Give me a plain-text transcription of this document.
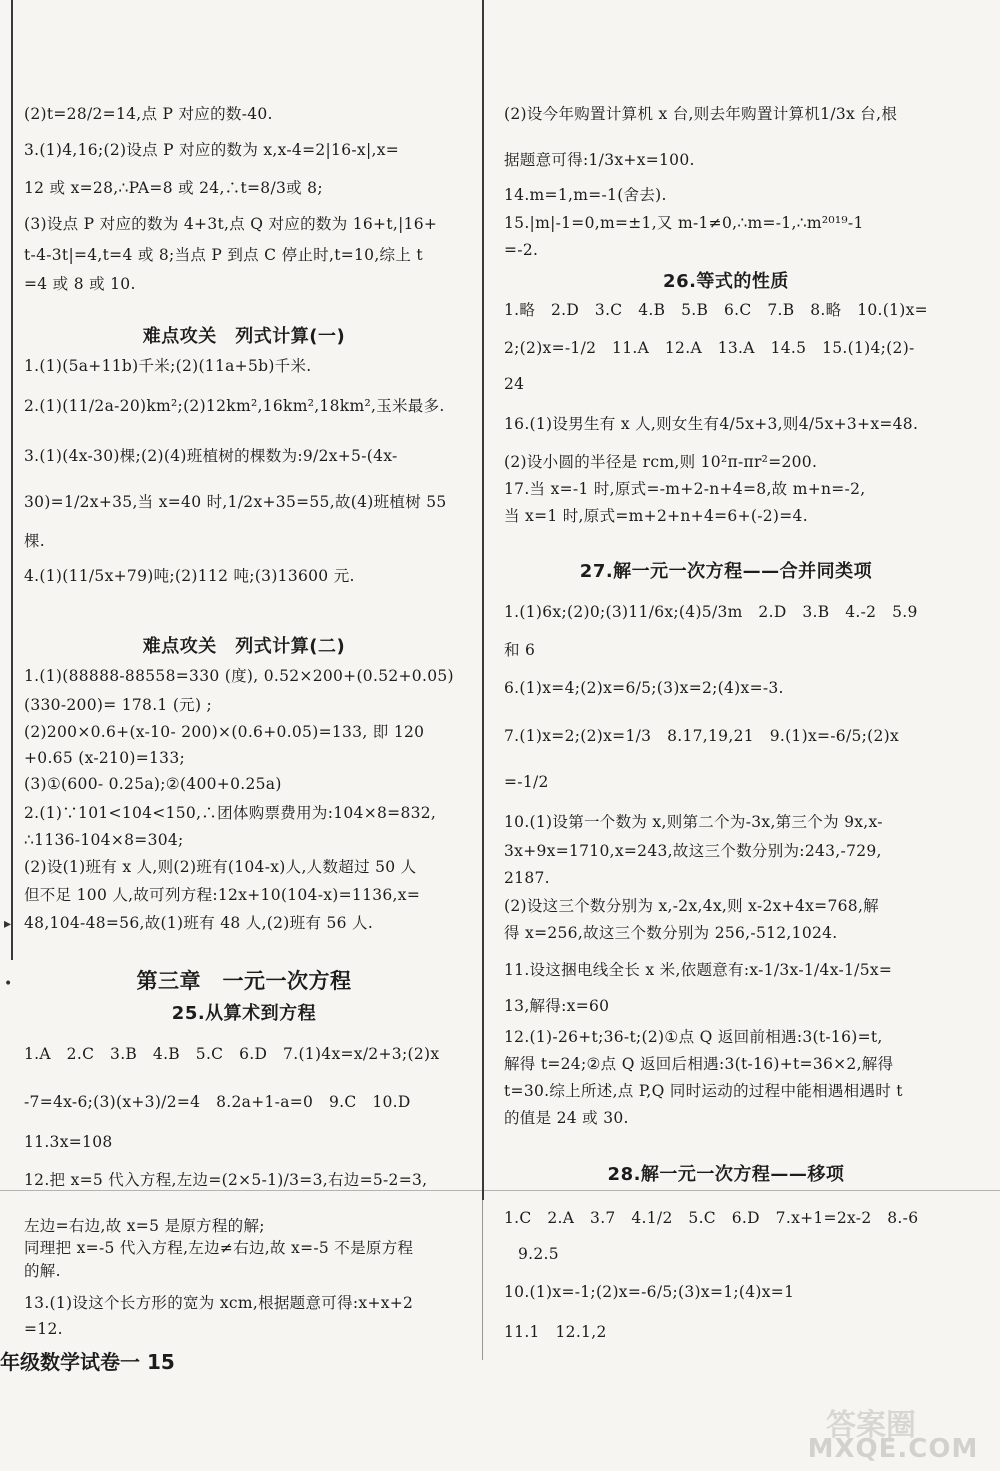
▸
•
(2)t=28/2=14,点 P 对应的数-40.
3.(1)4,16;(2)设点 P 对应的数为 x,x-4=2|16-x|,x=
12 或 x=28,∴PA=8 或 24,∴t=8/3或 8;
(3)设点 P 对应的数为 4+3t,点 Q 对应的数为 16+t,|16+
t-4-3t|=4,t=4 或 8;当点 P 到点 C 停止时,t=10,综上 t
=4 或 8 或 10.
难点攻关　列式计算(一)
1.(1)(5a+11b)千米;(2)(11a+5b)千米.
2.(1)(11/2a-20)km²;(2)12km²,16km²,18km²,玉米最多.
3.(1)(4x-30)棵;(2)(4)班植树的棵数为:9/2x+5-(4x-
30)=1/2x+35,当 x=40 时,1/2x+35=55,故(4)班植树 55
棵.
4.(1)(11/5x+79)吨;(2)112 吨;(3)13600 元.
难点攻关　列式计算(二)
1.(1)(88888-88558=330 (度), 0.52×200+(0.52+0.05)
(330-200)= 178.1 (元) ;
(2)200×0.6+(x-10- 200)×(0.6+0.05)=133, 即 120
+0.65 (x-210)=133;
(3)①(600- 0.25a);②(400+0.25a)
2.(1)∵101<104<150,∴团体购票费用为:104×8=832,
∴1136-104×8=304;
(2)设(1)班有 x 人,则(2)班有(104-x)人,人数超过 50 人
但不足 100 人,故可列方程:12x+10(104-x)=1136,x=
48,104-48=56,故(1)班有 48 人,(2)班有 56 人.
第三章　一元一次方程
25.从算术到方程
1.A　2.C　3.B　4.B　5.C　6.D　7.(1)4x=x/2+3;(2)x
-7=4x-6;(3)(x+3)/2=4　8.2a+1-a=0　9.C　10.D
11.3x=108
12.把 x=5 代入方程,左边=(2×5-1)/3=3,右边=5-2=3,
左边=右边,故 x=5 是原方程的解;
同理把 x=-5 代入方程,左边≠右边,故 x=-5 不是原方程
的解.
13.(1)设这个长方形的宽为 xcm,根据题意可得:x+x+2
=12.
年级数学试卷一 15
(2)设今年购置计算机 x 台,则去年购置计算机1/3x 台,根
据题意可得:1/3x+x=100.
14.m=1,m=-1(舍去).
15.|m|-1=0,m=±1,又 m-1≠0,∴m=-1,∴m²⁰¹⁹-1
=-2.
26.等式的性质
1.略　2.D　3.C　4.B　5.B　6.C　7.B　8.略　10.(1)x=
2;(2)x=-1/2　11.A　12.A　13.A　14.5　15.(1)4;(2)-
24
16.(1)设男生有 x 人,则女生有4/5x+3,则4/5x+3+x=48.
(2)设小圆的半径是 rcm,则 10²π-πr²=200.
17.当 x=-1 时,原式=-m+2-n+4=8,故 m+n=-2,
当 x=1 时,原式=m+2+n+4=6+(-2)=4.
27.解一元一次方程——合并同类项
1.(1)6x;(2)0;(3)11/6x;(4)5/3m　2.D　3.B　4.-2　5.9
和 6
6.(1)x=4;(2)x=6/5;(3)x=2;(4)x=-3.
7.(1)x=2;(2)x=1/3　8.17,19,21　9.(1)x=-6/5;(2)x
=-1/2
10.(1)设第一个数为 x,则第二个为-3x,第三个为 9x,x-
3x+9x=1710,x=243,故这三个数分别为:243,-729,
2187.
(2)设这三个数分别为 x,-2x,4x,则 x-2x+4x=768,解
得 x=256,故这三个数分别为 256,-512,1024.
11.设这捆电线全长 x 米,依题意有:x-1/3x-1/4x-1/5x=
13,解得:x=60
12.(1)-26+t;36-t;(2)①点 Q 返回前相遇:3(t-16)=t,
解得 t=24;②点 Q 返回后相遇:3(t-16)+t=36×2,解得
t=30.综上所述,点 P,Q 同时运动的过程中能相遇相遇时 t
的值是 24 或 30.
28.解一元一次方程——移项
1.C　2.A　3.7　4.1/2　5.C　6.D　7.x+1=2x-2　8.-6
9.2.5
10.(1)x=-1;(2)x=-6/5;(3)x=1;(4)x=1
11.1　12.1,2
答案圈
MXQE.COM
